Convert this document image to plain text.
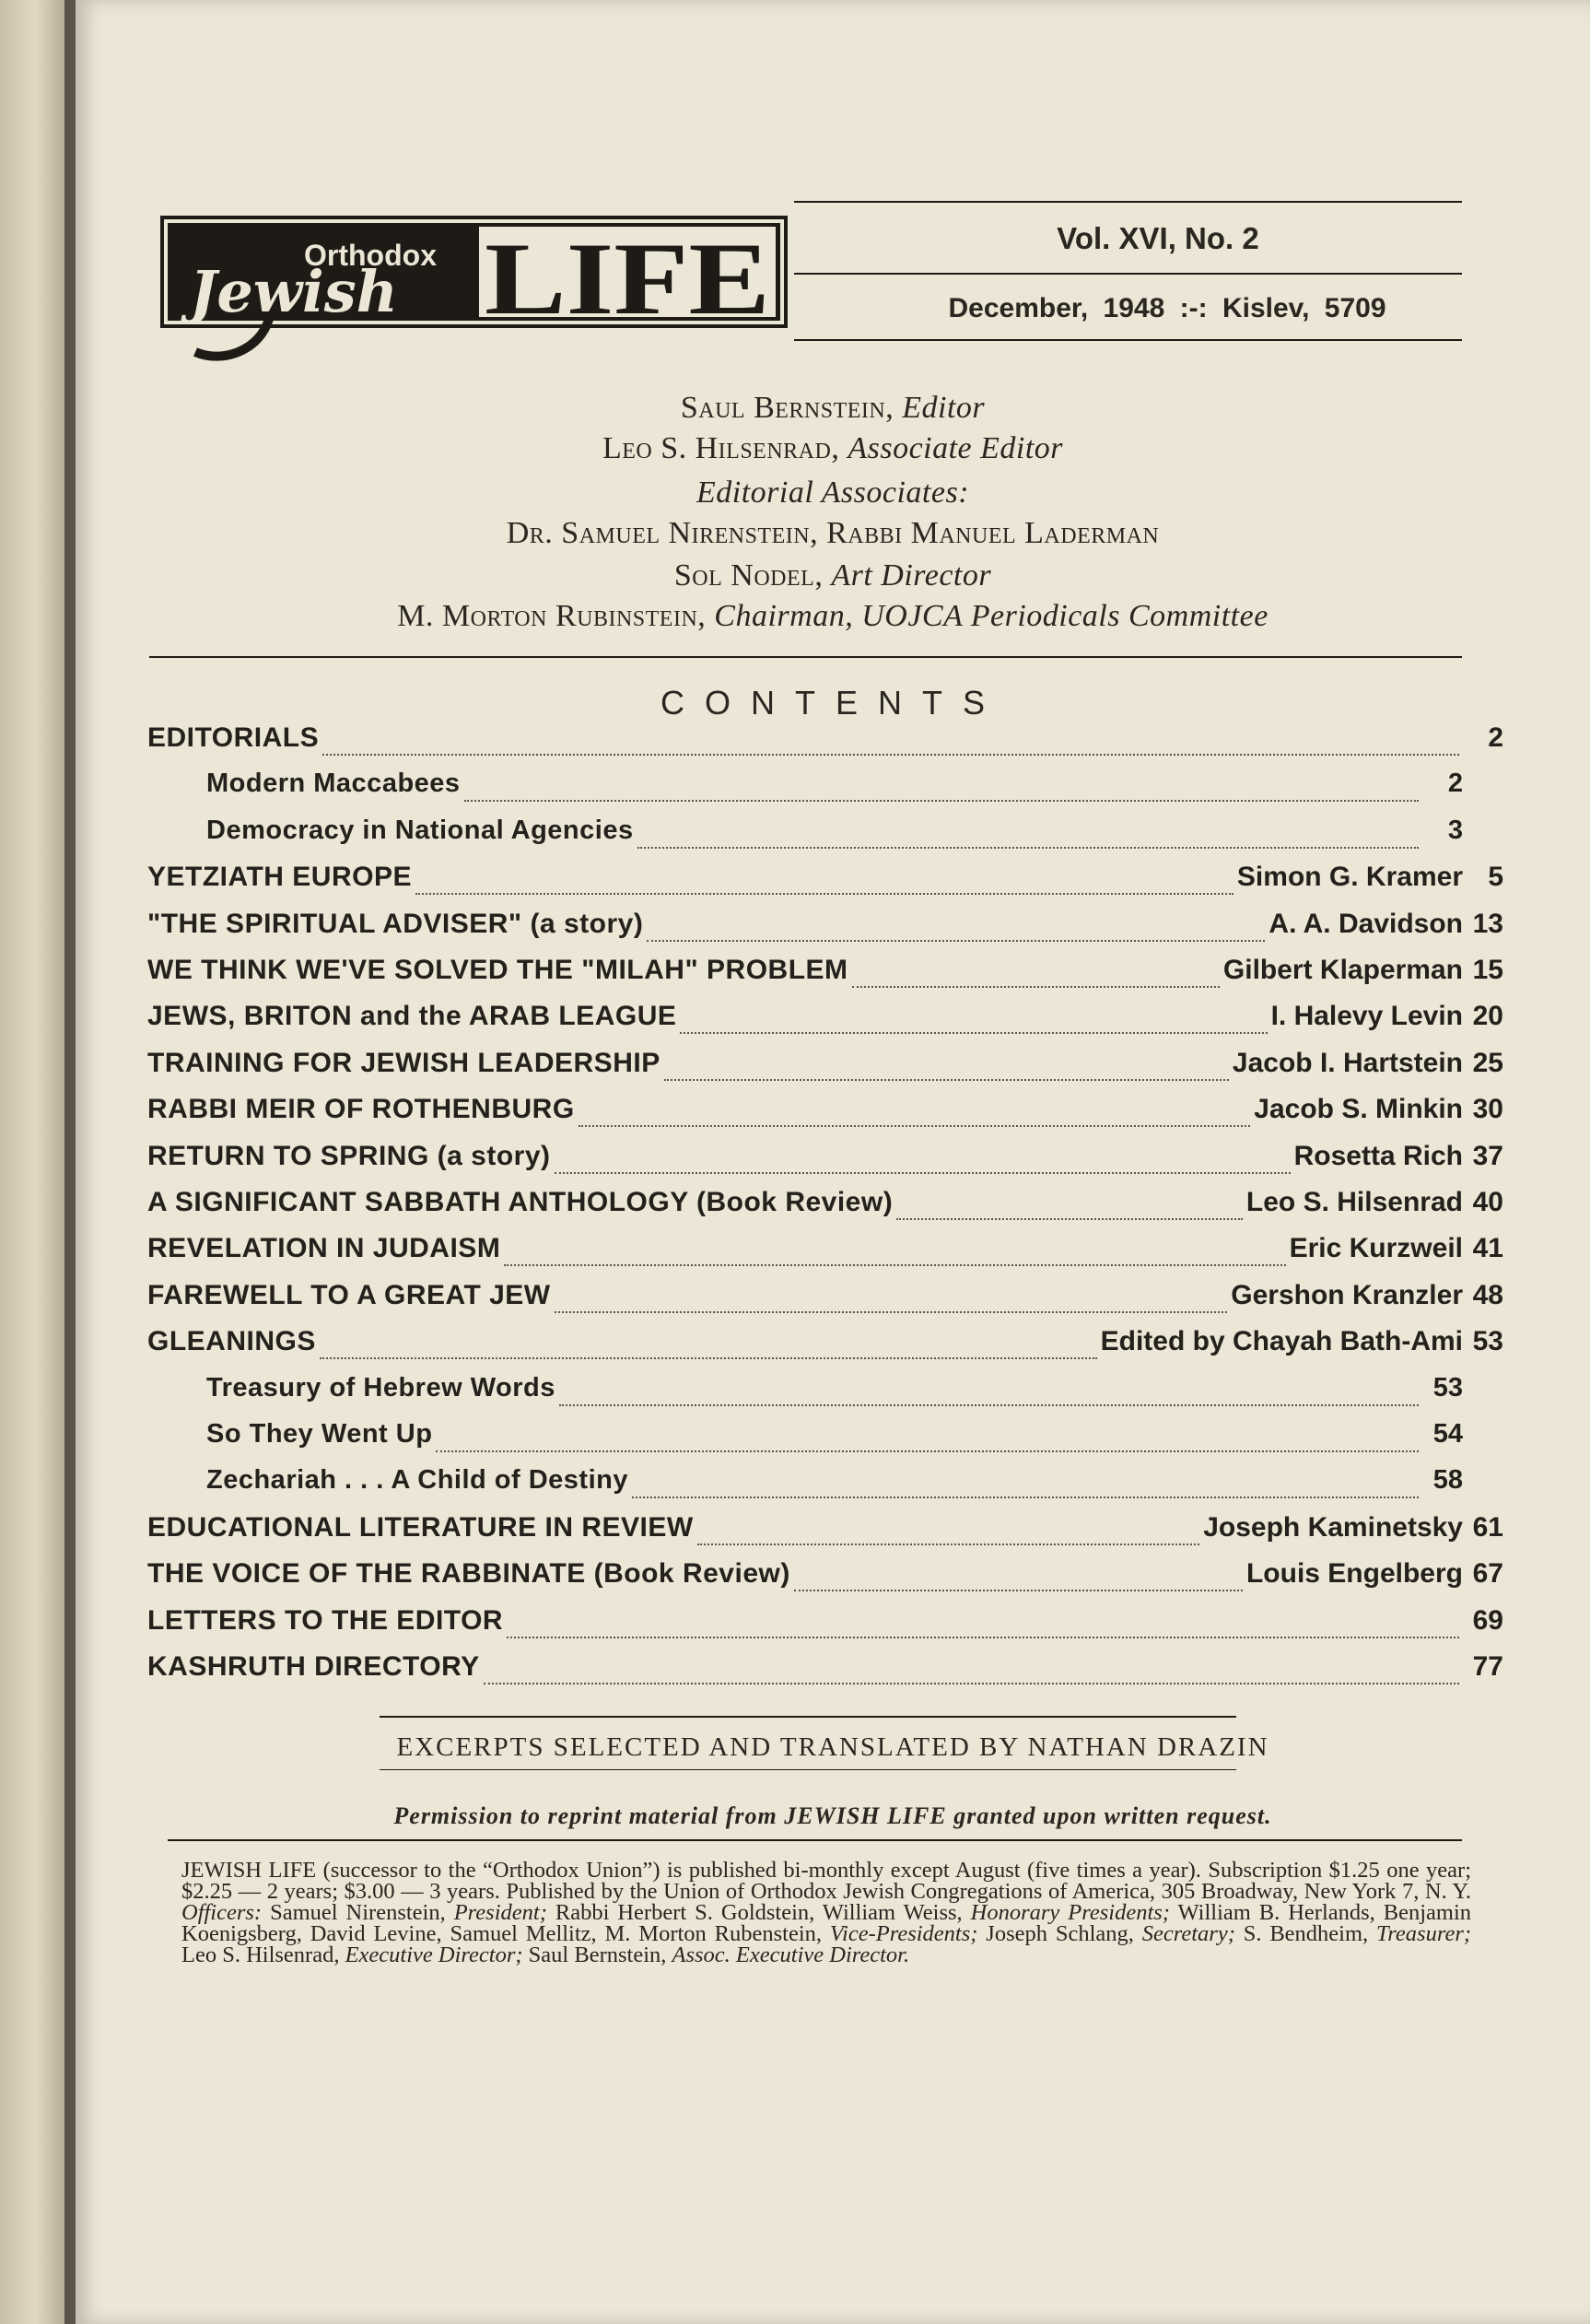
Orthodox
Jewish LIFE	Vol. XVI, No. 2
December, 1948 :-: Kislev, 5709
Saul Bernstein, Editor
Leo S. Hilsenrad, Associate Editor
Editorial Associates:
Dr. Samuel Nirenstein, Rabbi Manuel Laderman
Sol Nodel, Art Director
M. Morton Rubinstein, Chairman, UOJCA Periodicals Committee
CONTENTS
EDITORIALS	2
Modern Maccabees	2
Democracy in National Agencies	3
YETZIATH EUROPE	Simon G. Kramer 5
"THE SPIRITUAL ADVISER" (a story)	A. A. Davidson 13
WE THINK WE'VE SOLVED THE "MILAH" PROBLEM	Gilbert Klaperman 15
JEWS, BRITON and the ARAB LEAGUE	I. Halevy Levin 20
TRAINING FOR JEWISH LEADERSHIP	Jacob I. Hartstein 25
RABBI MEIR OF ROTHENBURG	Jacob S. Minkin 30
RETURN TO SPRING (a story)	Rosetta Rich 37
A SIGNIFICANT SABBATH ANTHOLOGY (Book Review)	Leo S. Hilsenrad 40
REVELATION IN JUDAISM	Eric Kurzweil 41
FAREWELL TO A GREAT JEW	Gershon Kranzler 48
GLEANINGS	Edited by Chayah Bath-Ami 53
Treasury of Hebrew Words	53
So They Went Up	54
Zechariah . . . A Child of Destiny	58
EDUCATIONAL LITERATURE IN REVIEW	Joseph Kaminetsky 61
THE VOICE OF THE RABBINATE (Book Review)	Louis Engelberg 67
LETTERS TO THE EDITOR	69
KASHRUTH DIRECTORY	77
EXCERPTS SELECTED AND TRANSLATED BY NATHAN DRAZIN
Permission to reprint material from JEWISH LIFE granted upon written request.
JEWISH LIFE (successor to the “Orthodox Union”) is published bi-monthly except August (five times a year). Subscription $1.25 one year; $2.25 — 2 years; $3.00 — 3 years. Published by the Union of Orthodox Jewish Congregations of America, 305 Broadway, New York 7, N. Y. Officers: Samuel Nirenstein, President; Rabbi Herbert S. Goldstein, William Weiss, Honorary Presidents; William B. Herlands, Benjamin Koenigsberg, David Levine, Samuel Mellitz, M. Morton Rubenstein, Vice-Presidents; Joseph Schlang, Secretary; S. Bendheim, Treasurer; Leo S. Hilsenrad, Executive Director; Saul Bernstein, Assoc. Executive Director.
